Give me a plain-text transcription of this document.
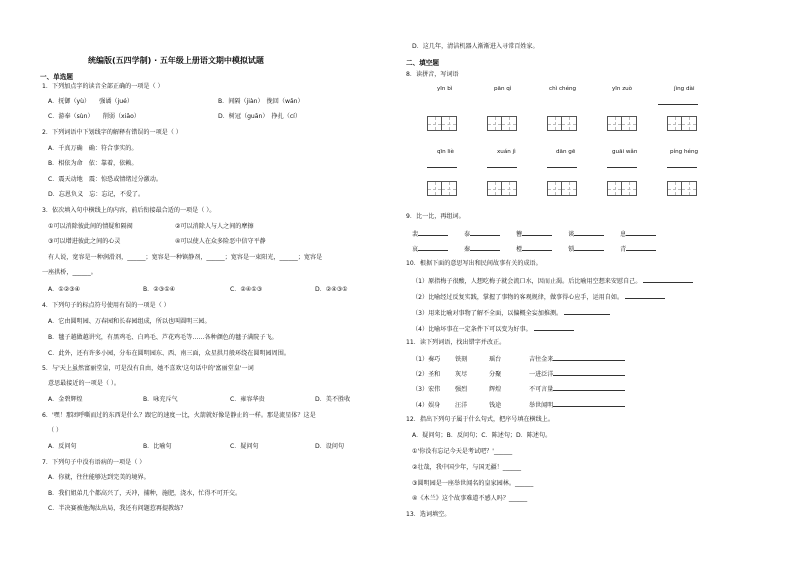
统编版(五四学制) · 五年级上册语文期中模拟试题
一、单选题
1．下列加点字的读音全部正确的一项是（ ）
A．抚御（yù）　　强谲（jué）	B．间隔（jiàn）　挽回（wǎn）
C．游奉（sùn）　　削弱（xiāo）	D．树冠（guān）　挣扎（cí）
2．下列词语中下划线字的解释有错误的一项是（ ）
A．千真万确　确：符合事实的。
B．相依为命　依：靠着，依赖。
C．震天动地　震：惊恐或情绪过分激动。
D．忘恩负义　忘：忘记，不爱了。
3．依次填入句中横线上的内容，前后衔接最合适的一项是（ ）。
①可以消除彼此间的情疑和隔阂	②可以消除人与人之间的摩擦
③可以增进彼此之间的心灵	④可以使人在众多险恶中信守平静
有人说，宽容是一种润滑剂，______；宽容是一种镇静剂，______；宽容是一束阳光，______；宽容是
一座拱桥，______。
A．①②③④	B．②③①④	C．②④①③	D．②④③①
4．下列句子的标点符号使用有误的一项是（ ）
A．它由圆明园、万春园和长春园组成，所以也叫圆明三园。
B．毽子越做越讲究，有黑鸡毛、白鸡毛、芦花鸡毛等……各种颜色的毽子满院子飞。
C．此外，还有许多小园，分布在圆明园东、西、南三面，众星拱月般环绕在圆明园周围。
5．与'天上虽然富丽堂皇，可是没有自由，她不喜欢'这句话中的'富丽堂皇'一词
意思最接近的一项是（ ）。
A．金碧辉煌	B．咏充斥气	C．雍容华贵	D．美不胜收
6．'嘿！那团呼嘶而过的东西是什么？跟它的速度一比，火箭就好像是静止的一样。那是流星体？这是
（ ）
A．反问句	B．比喻句	C．疑问句	D．设问句
7．下列句子中没有语病的一项是（ ）
A．你就，往往能够达到完美的境界。
B．我们姐弟几个都高兴了，天冲，捕种，施肥，浇水，忙得不可开交。
C．半决赛被他淘汰出局，我还有问题惹再提教练？
D．这几年，清洁机器人渐渐进入寻常百姓家。
二、填空题
8．读拼音，写词语
yīn bì	pān qì	chì chéng	yīn zuò	jìng dài
qīn liè	xuán jì	dān gē	guāi wǎn	píng héng
9．比一比，再组词。
裴	泰	簪	谈	息
哀	秦	橙	锁	青
10．根据下面的意思写出和民间故事有关的成语。
（1）原指梅子很酸，人想吃梅子就会流口水，因而止渴。后比喻用空想来安慰自己。
（2）比喻经过反复实践，掌握了事物的客观规律，做事得心应手，运用自如。
（3）用来比喻对事物了解不全面，以偏概全妄加推测。
（4）比喻坏事在一定条件下可以变为好事。
11．读下列词语，找出错字并改正。
（1）奏巧 铁刻	瑶台	吉往金来
（2）圣和 灰尽	分聚	一进泛洋
（3）宏伟 强烈	辉煌	不可言量
（4）娱身 汪洋	钱途	举世闻明
12．指出下列句子属于什么句式，把序号填在横线上。
A．疑问句；B．反问句；C．陈述句；D．陈述句。
①'你没有忘记今天是考试吧？'______
②壮哉，我中国少年，与国无疆！______
③圆明园是一座举世闻名的皇家园林。______
④《木兰》这个故事难道不感人吗？______
13．选词填空。
